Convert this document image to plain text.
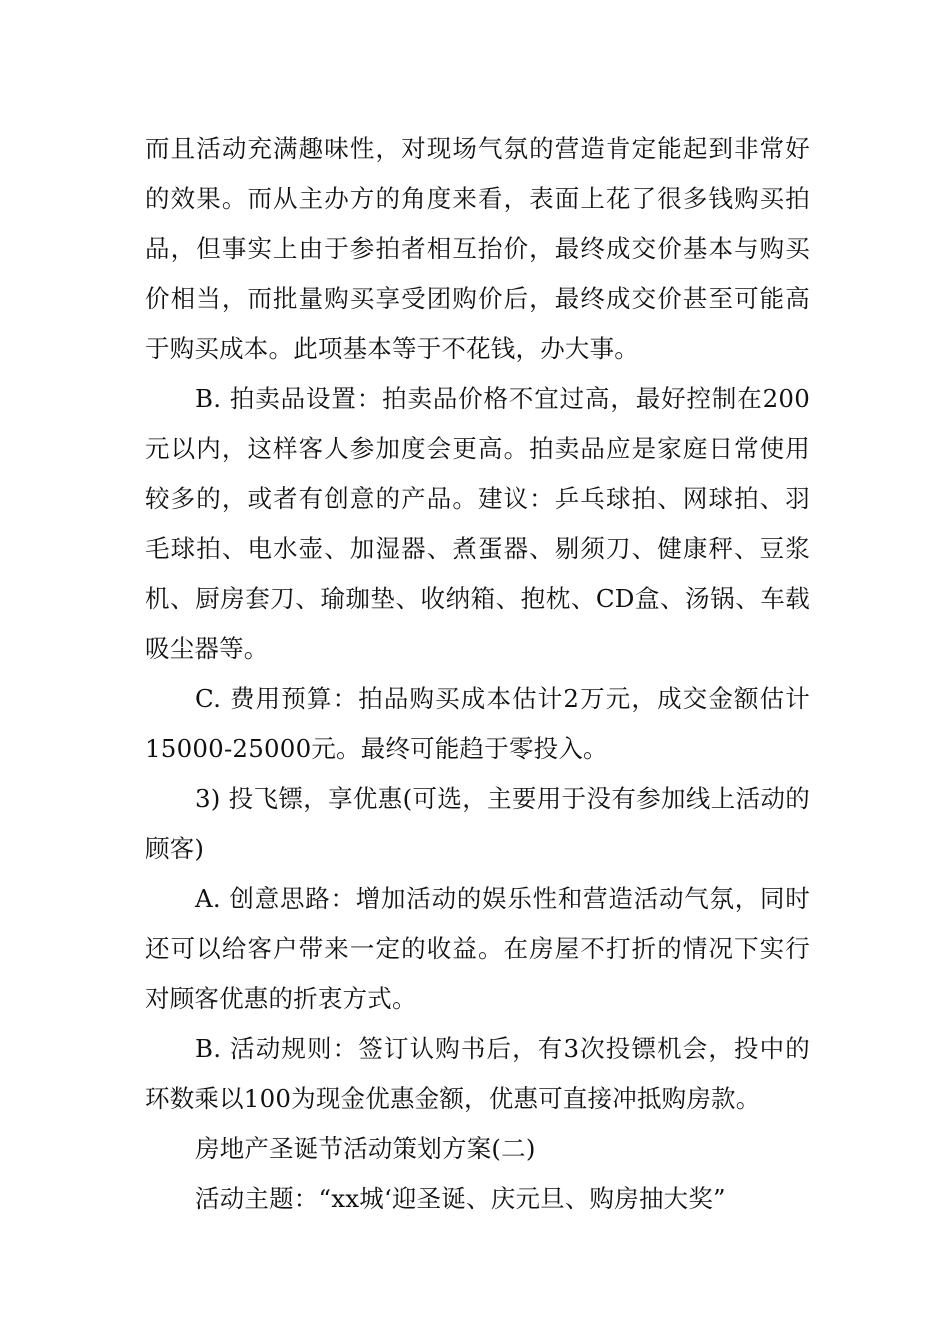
而且活动充满趣味性，对现场气氛的营造肯定能起到非常好的效果。而从主办方的角度来看，表面上花了很多钱购买拍品，但事实上由于参拍者相互抬价，最终成交价基本与购买价相当，而批量购买享受团购价后，最终成交价甚至可能高于购买成本。此项基本等于不花钱，办大事。

B. 拍卖品设置：拍卖品价格不宜过高，最好控制在200元以内，这样客人参加度会更高。拍卖品应是家庭日常使用较多的，或者有创意的产品。建议：乒乓球拍、网球拍、羽毛球拍、电水壶、加湿器、煮蛋器、剔须刀、健康秤、豆浆机、厨房套刀、瑜珈垫、收纳箱、抱枕、CD盒、汤锅、车载吸尘器等。

C. 费用预算：拍品购买成本估计2万元，成交金额估计15000-25000元。最终可能趋于零投入。

3) 投飞镖，享优惠(可选，主要用于没有参加线上活动的顾客)

A. 创意思路：增加活动的娱乐性和营造活动气氛，同时还可以给客户带来一定的收益。在房屋不打折的情况下实行对顾客优惠的折衷方式。

B. 活动规则：签订认购书后，有3次投镖机会，投中的环数乘以100为现金优惠金额，优惠可直接冲抵购房款。

房地产圣诞节活动策划方案(二)

活动主题：“xx城‘迎圣诞、庆元旦、购房抽大奖”
